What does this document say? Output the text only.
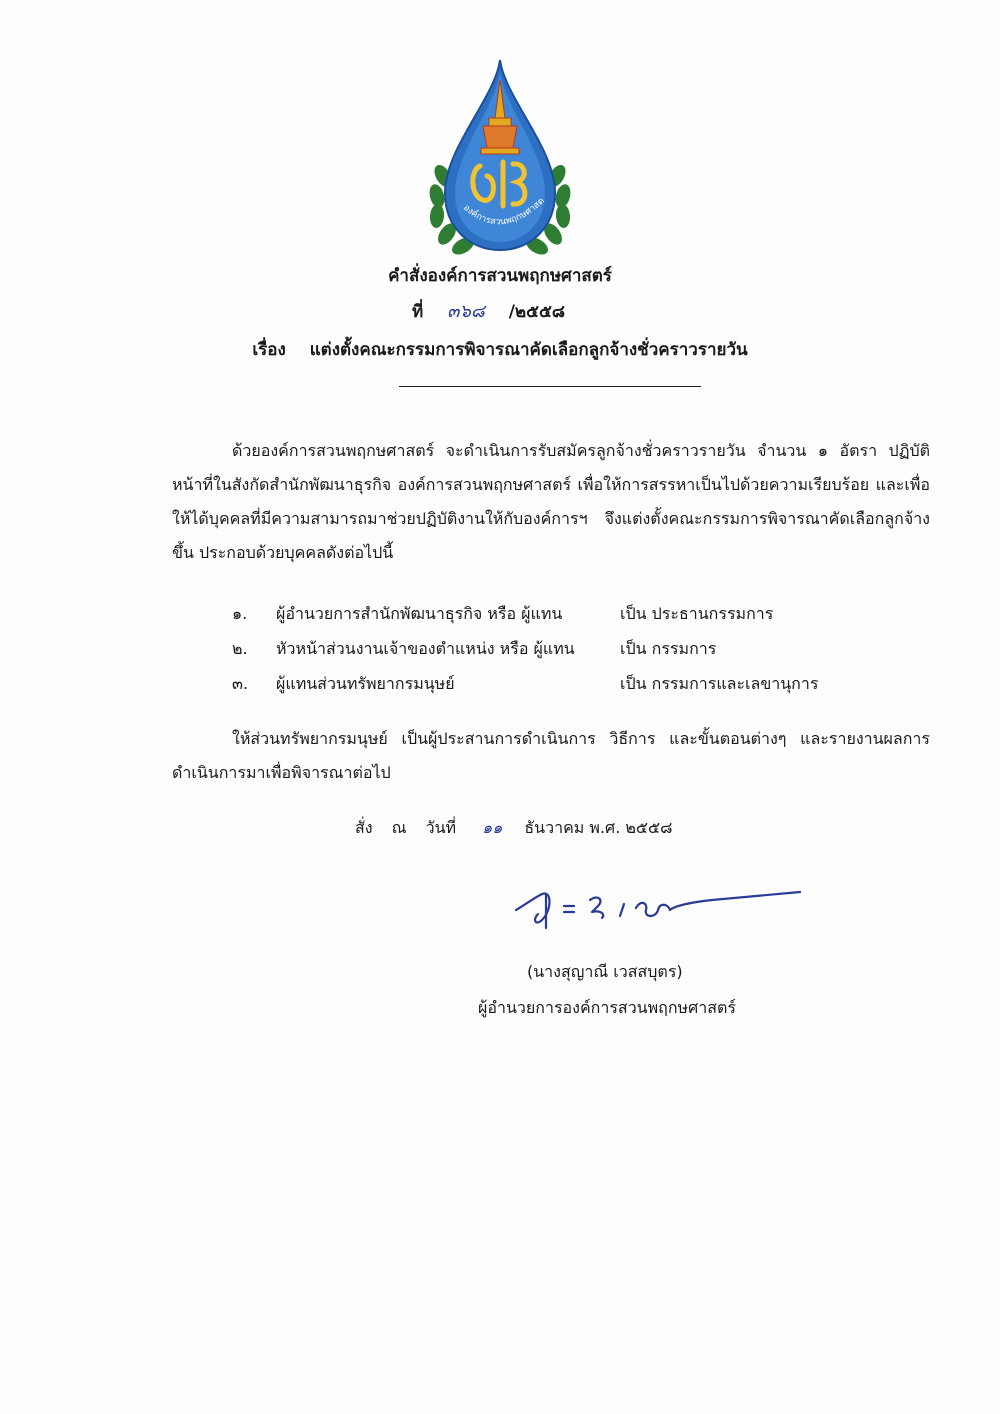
องค์การสวนพฤกษศาสต
คำสั่งองค์การสวนพฤกษศาสตร์
ที่ ๓๖๘ /๒๕๕๘
เรื่อง แต่งตั้งคณะกรรมการพิจารณาคัดเลือกลูกจ้างชั่วคราวรายวัน
ด้วยองค์การสวนพฤกษศาสตร์ จะดำเนินการรับสมัครลูกจ้างชั่วคราวรายวัน จำนวน ๑ อัตรา ปฏิบัติหน้าที่ในสังกัดสำนักพัฒนาธุรกิจ องค์การสวนพฤกษศาสตร์ เพื่อให้การสรรหาเป็นไปด้วยความเรียบร้อย และเพื่อให้ได้บุคคลที่มีความสามารถมาช่วยปฏิบัติงานให้กับองค์การฯ จึงแต่งตั้งคณะกรรมการพิจารณาคัดเลือกลูกจ้างขึ้น ประกอบด้วยบุคคลดังต่อไปนี้
๑. ผู้อำนวยการสำนักพัฒนาธุรกิจ หรือ ผู้แทน	เป็น ประธานกรรมการ
๒. หัวหน้าส่วนงานเจ้าของตำแหน่ง หรือ ผู้แทน	เป็น กรรมการ
๓. ผู้แทนส่วนทรัพยากรมนุษย์	เป็น กรรมการและเลขานุการ
ให้ส่วนทรัพยากรมนุษย์ เป็นผู้ประสานการดำเนินการ วิธีการ และขั้นตอนต่างๆ และรายงานผลการดำเนินการมาเพื่อพิจารณาต่อไป
สั่ง ณ วันที่ ๑๑ ธันวาคม พ.ศ. ๒๕๕๘
(นางสุญาณี เวสสบุตร)
ผู้อำนวยการองค์การสวนพฤกษศาสตร์
